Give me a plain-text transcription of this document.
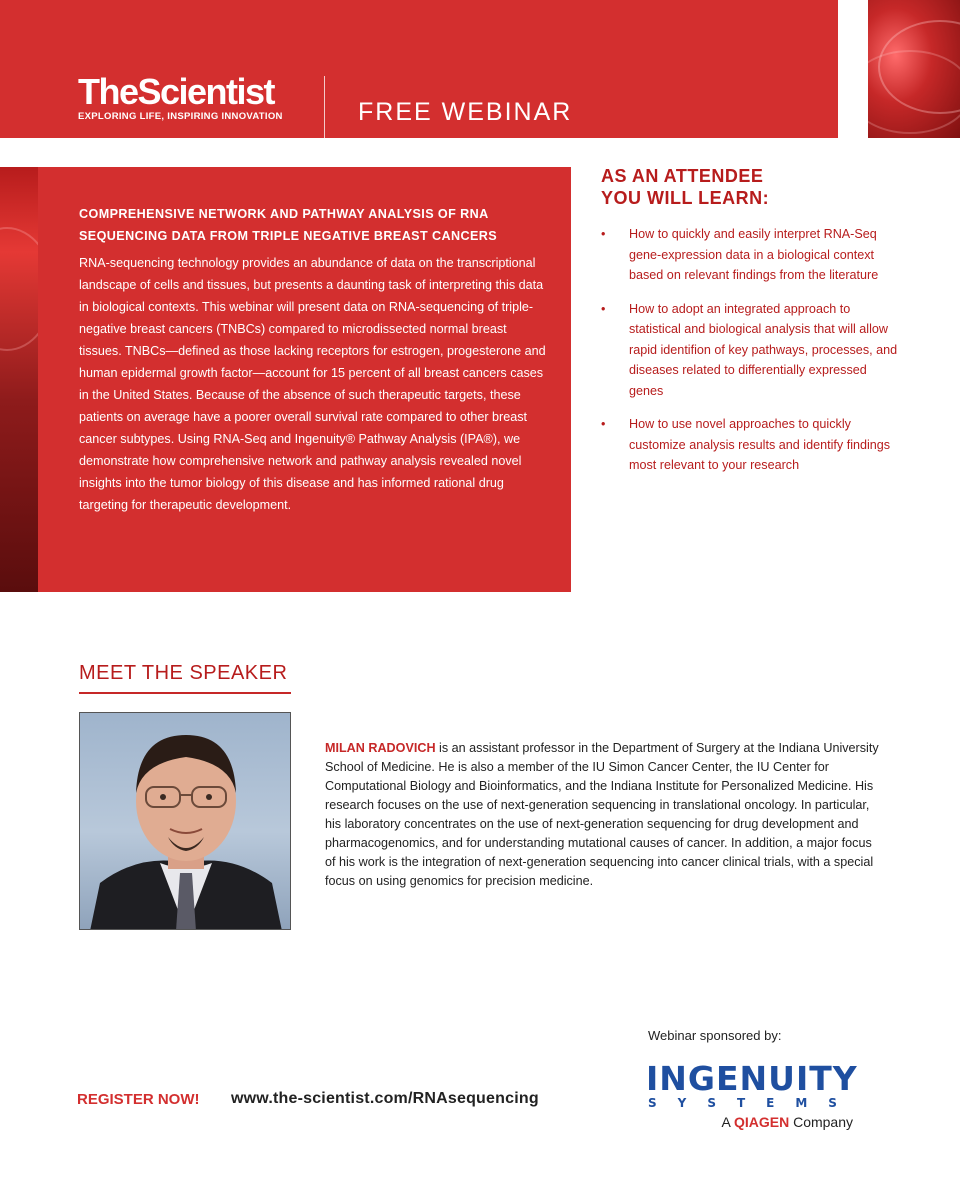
TheScientist
EXPLORING LIFE, INSPIRING INNOVATION	FREE WEBINAR
COMPREHENSIVE NETWORK AND PATHWAY ANALYSIS OF RNA SEQUENCING DATA FROM TRIPLE NEGATIVE BREAST CANCERS
RNA-sequencing technology provides an abundance of data on the transcriptional landscape of cells and tissues, but presents a daunting task of interpreting this data in biological contexts. This webinar will present data on RNA-sequencing of triple-negative breast cancers (TNBCs) compared to microdissected normal breast tissues. TNBCs—defined as those lacking receptors for estrogen, progesterone and human epidermal growth factor—account for 15 percent of all breast cancers cases in the United States. Because of the absence of such therapeutic targets, these patients on average have a poorer overall survival rate compared to other breast cancer subtypes. Using RNA-Seq and Ingenuity® Pathway Analysis (IPA®), we demonstrate how comprehensive network and pathway analysis revealed novel insights into the tumor biology of this disease and has informed rational drug targeting for therapeutic development.
AS AN ATTENDEE
YOU WILL LEARN:
•	How to quickly and easily interpret RNA-Seq gene-expression data in a biological context based on relevant findings from the literature
•	How to adopt an integrated approach to statistical and biological analysis that will allow rapid identifion of key pathways, processes, and diseases related to differentially expressed genes
•	How to use novel approaches to quickly customize analysis results and identify findings most relevant to your research
MEET THE SPEAKER
MILAN RADOVICH is an assistant professor in the Department of Surgery at the Indiana University School of Medicine. He is also a member of the IU Simon Cancer Center, the IU Center for Computational Biology and Bioinformatics, and the Indiana Institute for Personalized Medicine. His research focuses on the use of next-generation sequencing in translational oncology. In particular, his laboratory concentrates on the use of next-generation sequencing for drug development and pharmacogenomics, and for understanding mutational causes of cancer. In addition, a major focus of his work is the integration of next-generation sequencing into cancer clinical trials, with a special focus on using genomics for precision medicine.
REGISTER NOW! www.the-scientist.com/RNAsequencing
Webinar sponsored by:
INGENUITY
SYSTEMS
A QIAGEN Company
